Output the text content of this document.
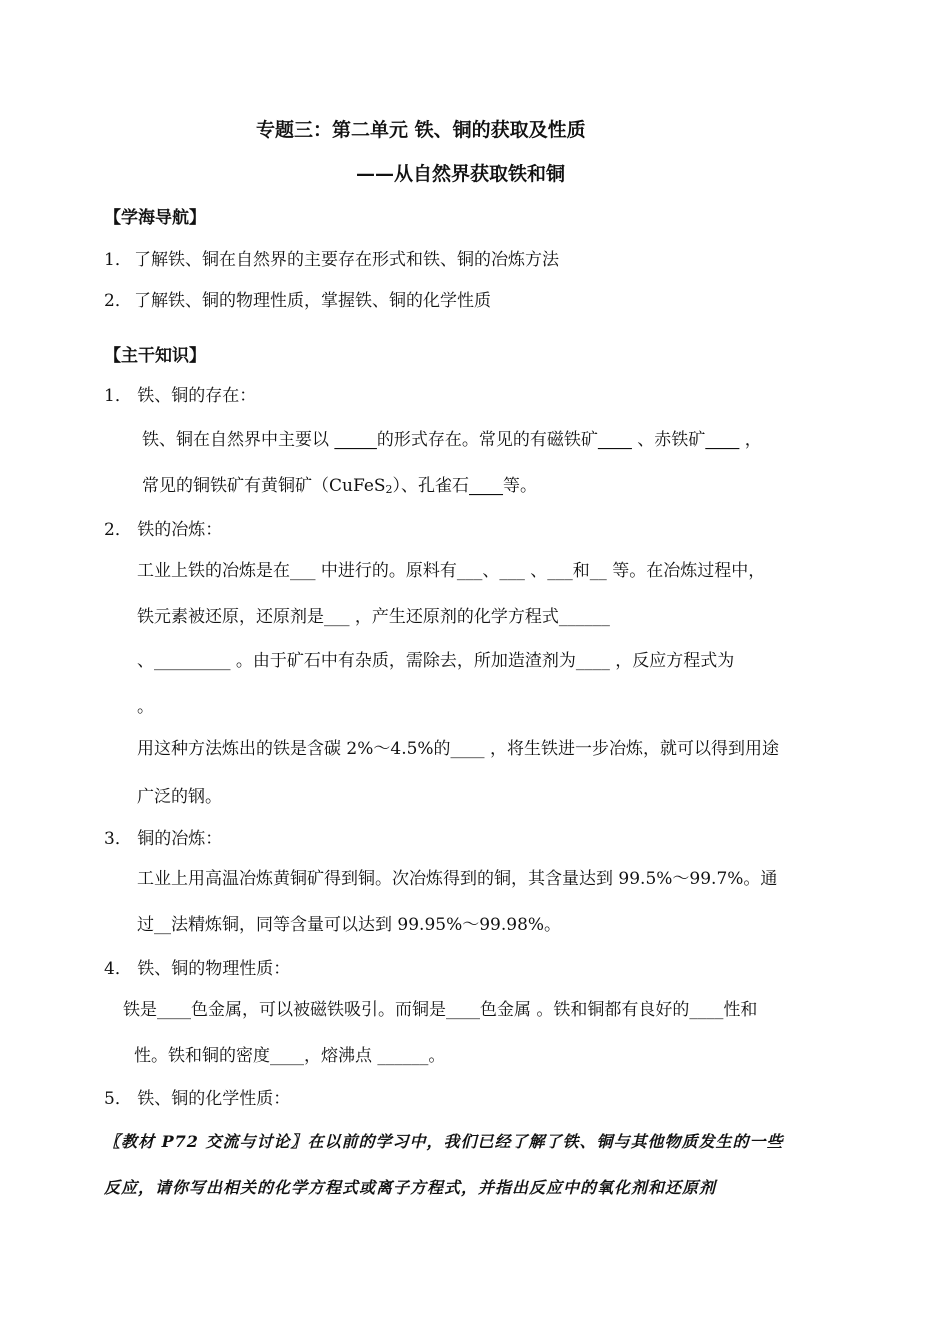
专题三：第二单元 铁、铜的获取及性质
——从自然界获取铁和铜
【学海导航】
1． 了解铁、铜在自然界的主要存在形式和铁、铜的冶炼方法
2． 了解铁、铜的物理性质，掌握铁、铜的化学性质
【主干知识】
1． 铁、铜的存在：
铁、铜在自然界中主要以 _____的形式存在。常见的有磁铁矿____ 、赤铁矿____ ，
常见的铜铁矿有黄铜矿（CuFeS$_2$）、孔雀石____等。
2． 铁的冶炼：
工业上铁的冶炼是在___ 中进行的。原料有___、___ 、___和__ 等。在冶炼过程中，
铁元素被还原，还原剂是___ ，产生还原剂的化学方程式______
、_________ 。由于矿石中有杂质，需除去，所加造渣剂为____ ，反应方程式为
。
用这种方法炼出的铁是含碳 2%～4.5%的____ ，将生铁进一步冶炼，就可以得到用途
广泛的钢。
3． 铜的冶炼：
工业上用高温冶炼黄铜矿得到铜。次冶炼得到的铜，其含量达到 99.5%～99.7%。通
过__法精炼铜，同等含量可以达到 99.95%～99.98%。
4． 铁、铜的物理性质：
铁是____色金属，可以被磁铁吸引。而铜是____色金属 。铁和铜都有良好的____性和
性。铁和铜的密度____，熔沸点 ______。
5． 铁、铜的化学性质：
〖教材 P72 交流与讨论〗在以前的学习中，我们已经了解了铁、铜与其他物质发生的一些
反应，请你写出相关的化学方程式或离子方程式，并指出反应中的氧化剂和还原剂
